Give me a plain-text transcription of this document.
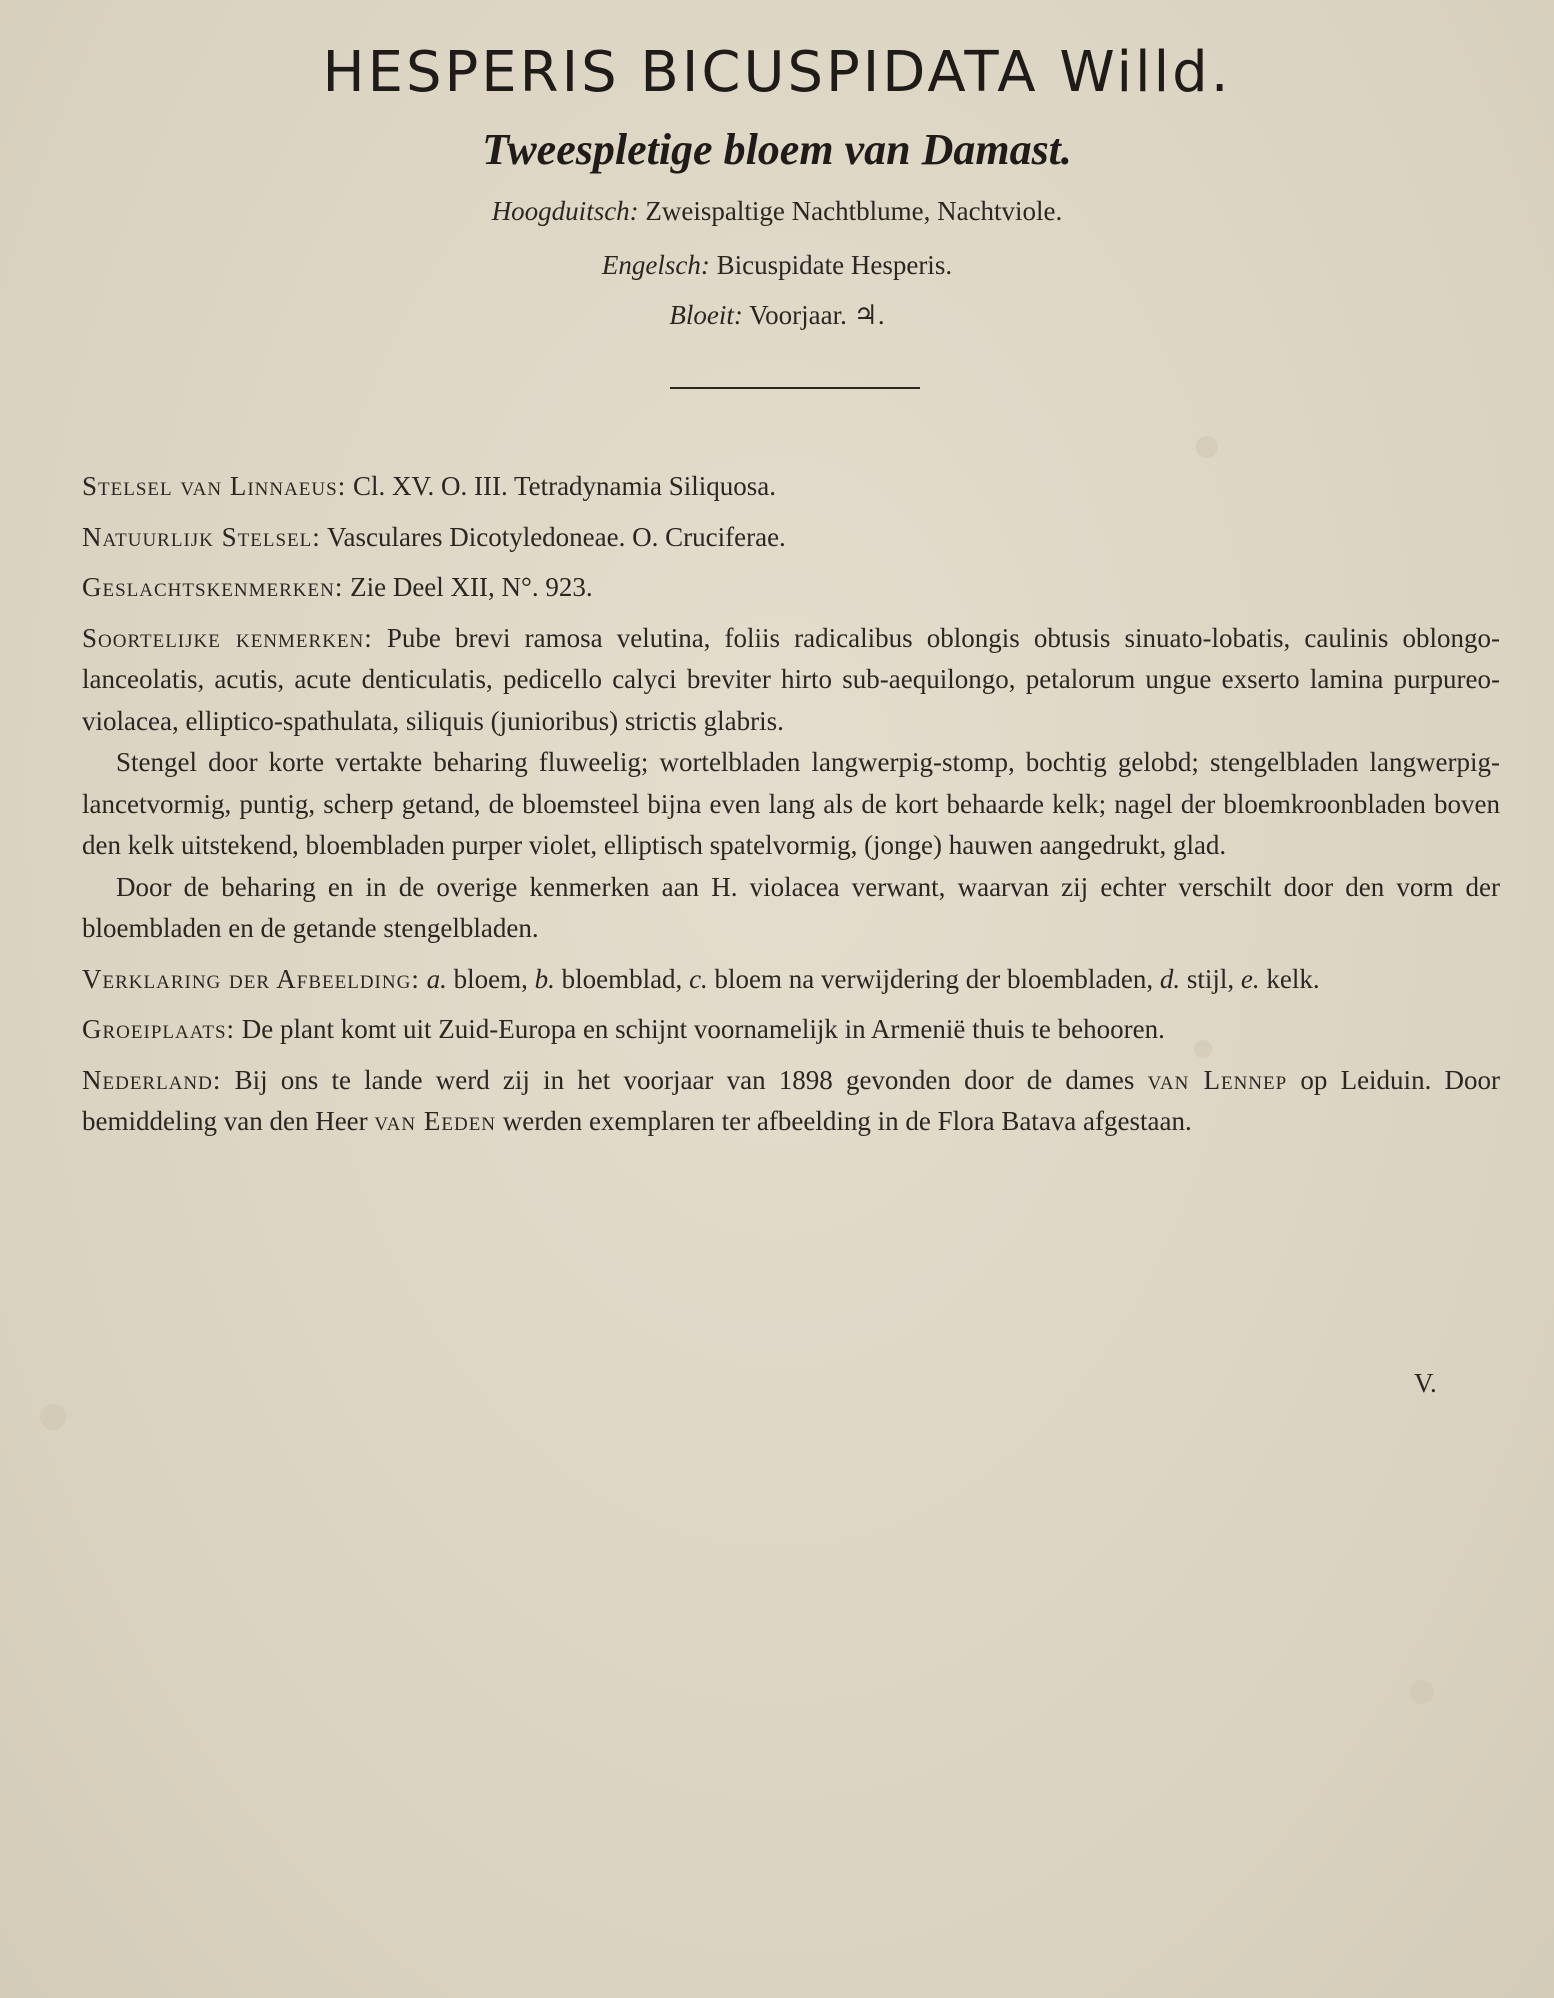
HESPERIS BICUSPIDATA Willd.
Tweespletige bloem van Damast.
Hoogduitsch: Zweispaltige Nachtblume, Nachtviole.
Engelsch: Bicuspidate Hesperis.
Bloeit: Voorjaar. ♃.

Stelsel van Linnaeus: Cl. XV. O. III. Tetradynamia Siliquosa.

Natuurlijk Stelsel: Vasculares Dicotyledoneae. O. Cruciferae.

Geslachtskenmerken: Zie Deel XII, N°. 923.

Soortelijke kenmerken: Pube brevi ramosa velutina, foliis radicalibus oblongis obtusis sinuato-lobatis, caulinis oblongo-lanceolatis, acutis, acute denticulatis, pedicello calyci breviter hirto sub-aequilongo, petalorum ungue exserto lamina purpureo-violacea, elliptico-spathulata, siliquis (junioribus) strictis glabris.

Stengel door korte vertakte beharing fluweelig; wortelbladen langwerpig-stomp, bochtig gelobd; stengelbladen langwerpig-lancetvormig, puntig, scherp getand, de bloemsteel bijna even lang als de kort behaarde kelk; nagel der bloemkroonbladen boven den kelk uitstekend, bloembladen purper violet, elliptisch spatelvormig, (jonge) hauwen aangedrukt, glad.

Door de beharing en in de overige kenmerken aan H. violacea verwant, waarvan zij echter verschilt door den vorm der bloembladen en de getande stengelbladen.

Verklaring der Afbeelding: a. bloem, b. bloemblad, c. bloem na verwijdering der bloembladen, d. stijl, e. kelk.

Groeiplaats: De plant komt uit Zuid-Europa en schijnt voornamelijk in Armenië thuis te behooren.

Nederland: Bij ons te lande werd zij in het voorjaar van 1898 gevonden door de dames van Lennep op Leiduin. Door bemiddeling van den Heer van Eeden werden exemplaren ter afbeelding in de Flora Batava afgestaan.

V.
